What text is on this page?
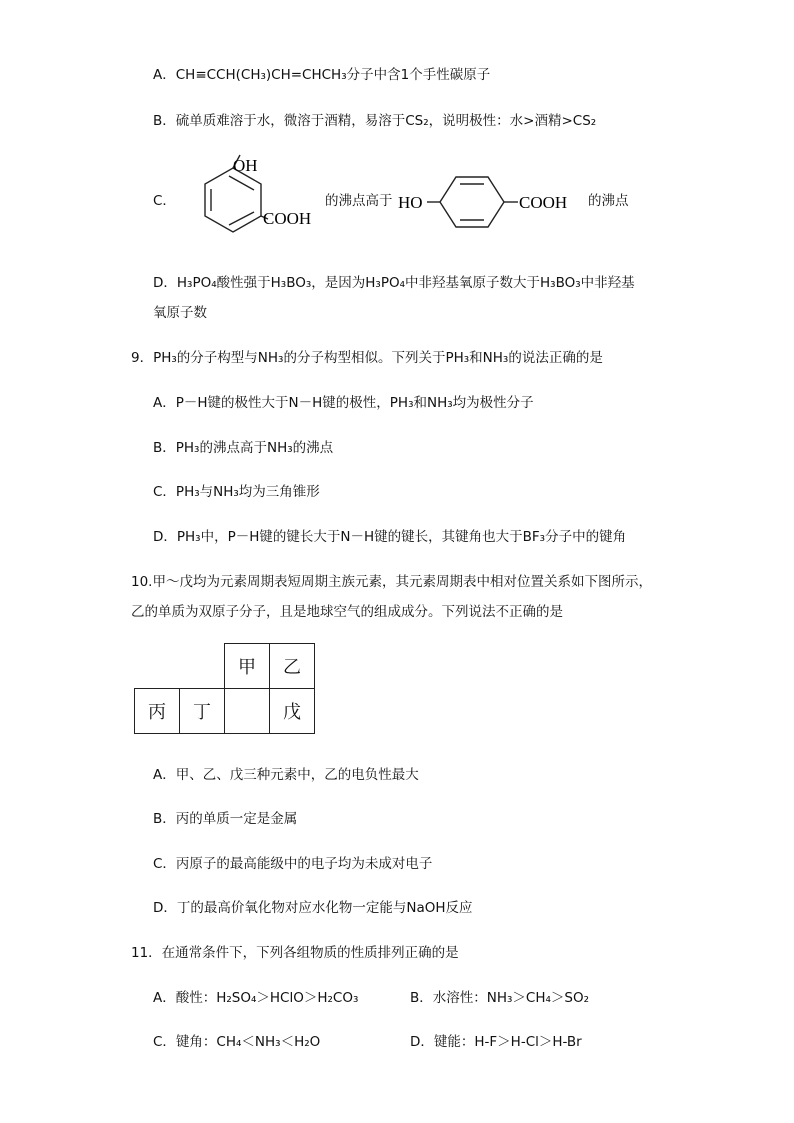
A．CH≡CCH(CH₃)CH=CHCH₃分子中含1个手性碳原子
B．硫单质难溶于水，微溶于酒精，易溶于CS₂，说明极性：水>酒精>CS₂
C．
OH
COOH
的沸点高于 HO	COOH 的沸点
D．H₃PO₄酸性强于H₃BO₃，是因为H₃PO₄中非羟基氧原子数大于H₃BO₃中非羟基
氧原子数
9．PH₃的分子构型与NH₃的分子构型相似。下列关于PH₃和NH₃的说法正确的是
A．P－H键的极性大于N－H键的极性，PH₃和NH₃均为极性分子
B．PH₃的沸点高于NH₃的沸点
C．PH₃与NH₃均为三角锥形
D．PH₃中，P－H键的键长大于N－H键的键长，其键角也大于BF₃分子中的键角
10.甲～戊均为元素周期表短周期主族元素，其元素周期表中相对位置关系如下图所示，
乙的单质为双原子分子，且是地球空气的组成成分。下列说法不正确的是
		甲	乙
丙	丁		戊
A．甲、乙、戊三种元素中，乙的电负性最大
B．丙的单质一定是金属
C．丙原子的最高能级中的电子均为未成对电子
D．丁的最高价氧化物对应水化物一定能与NaOH反应
11．在通常条件下，下列各组物质的性质排列正确的是
A．酸性：H₂SO₄＞HClO＞H₂CO₃	B．水溶性：NH₃＞CH₄＞SO₂
C．键角：CH₄＜NH₃＜H₂O	D．键能：H-F＞H-Cl＞H-Br
